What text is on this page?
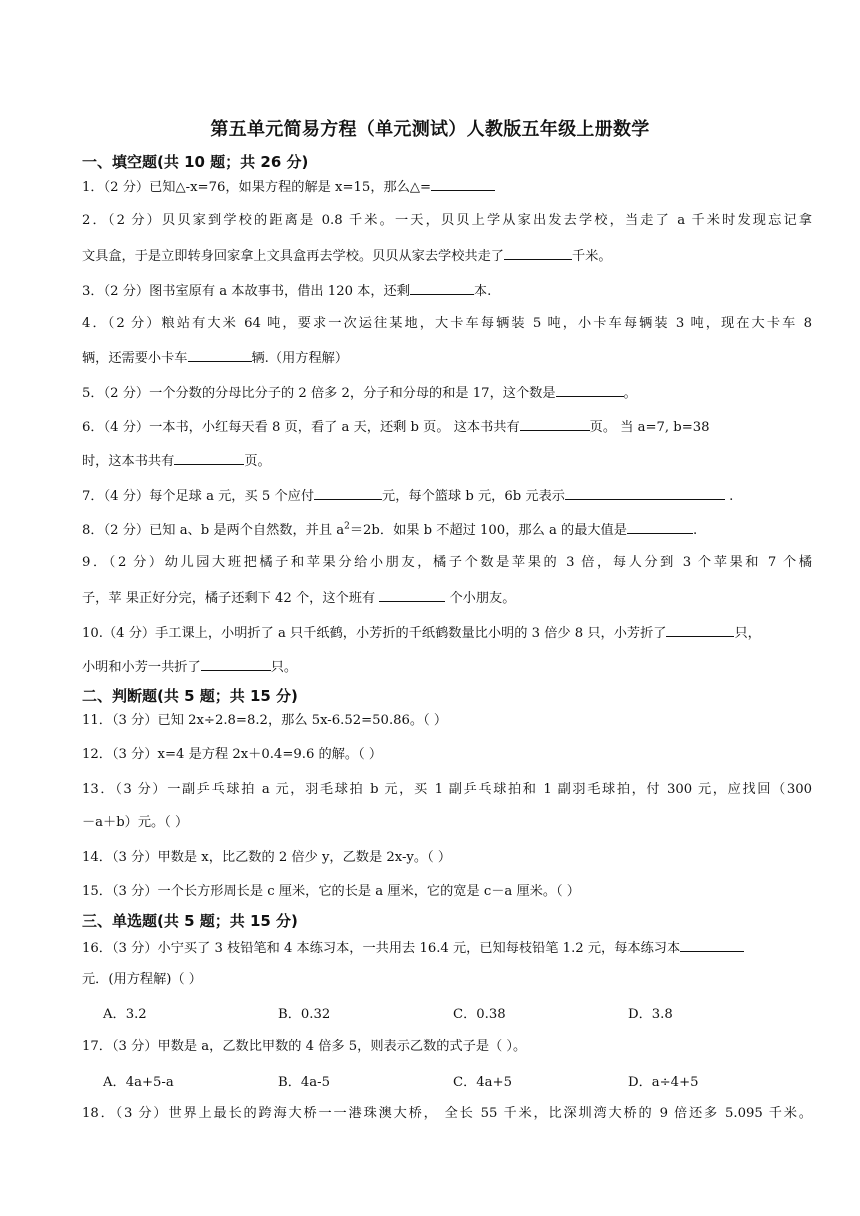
第五单元简易方程（单元测试）人教版五年级上册数学
一、填空题(共 10 题；共 26 分)
1．（2 分）已知△-x=76，如果方程的解是 x=15，那么△=
2．（2 分）贝贝家到学校的距离是 0.8 千米。一天，贝贝上学从家出发去学校，当走了 a 千米时发现忘记拿
文具盒，于是立即转身回家拿上文具盒再去学校。贝贝从家去学校共走了	千米。
3．（2 分）图书室原有 a 本故事书，借出 120 本，还剩	本.
4．（2 分）粮站有大米 64 吨，要求一次运往某地，大卡车每辆装 5 吨，小卡车每辆装 3 吨，现在大卡车 8
辆，还需要小卡车	辆.（用方程解）
5．（2 分）一个分数的分母比分子的 2 倍多 2，分子和分母的和是 17，这个数是	。
6．（4 分）一本书，小红每天看 8 页，看了 a 天，还剩 b 页。 这本书共有	页。 当 a=7, b=38
时，这本书共有	页。
7．（4 分）每个足球 a 元，买 5 个应付	元，每个篮球 b 元，6b 元表示	.
8．（2 分）已知 a、b 是两个自然数，并且 $a^2=2b$．如果 b 不超过 100，那么 a 的最大值是	.
9．（2 分）幼儿园大班把橘子和苹果分给小朋友，橘子个数是苹果的 3 倍，每人分到 3 个苹果和 7 个橘
子，苹 果正好分完，橘子还剩下 42 个，这个班有	个小朋友。
10.（4 分）手工课上，小明折了 a 只千纸鹤，小芳折的千纸鹤数量比小明的 3 倍少 8 只，小芳折了	只，
小明和小芳一共折了	只。
二、判断题(共 5 题；共 15 分)
11．（3 分）已知 2x÷2.8=8.2，那么 5x-6.52=50.86。（ ）
12．（3 分）x=4 是方程 2x＋0.4=9.6 的解。（ ）
13．（3 分）一副乒乓球拍 a 元，羽毛球拍 b 元，买 1 副乒乓球拍和 1 副羽毛球拍，付 300 元，应找回（300
－a＋b）元。（ ）
14．（3 分）甲数是 x，比乙数的 2 倍少 y，乙数是 2x-y。（ ）
15．（3 分）一个长方形周长是 c 厘米，它的长是 a 厘米，它的宽是 c－a 厘米。（ ）
三、单选题(共 5 题；共 15 分)
16．（3 分）小宁买了 3 枝铅笔和 4 本练习本，一共用去 16.4 元，已知每枝铅笔 1.2 元，每本练习本
元．(用方程解)（ ）
A．3.2	B．0.32	C．0.38	D．3.8
17．（3 分）甲数是 a，乙数比甲数的 4 倍多 5，则表示乙数的式子是（ ）。
A．4a+5-a	B．4a-5	C．4a+5	D．a÷4+5
18．（3 分）世界上最长的跨海大桥一一港珠澳大桥， 全长 55 千米，比深圳湾大桥的 9 倍还多 5.095 千米。
